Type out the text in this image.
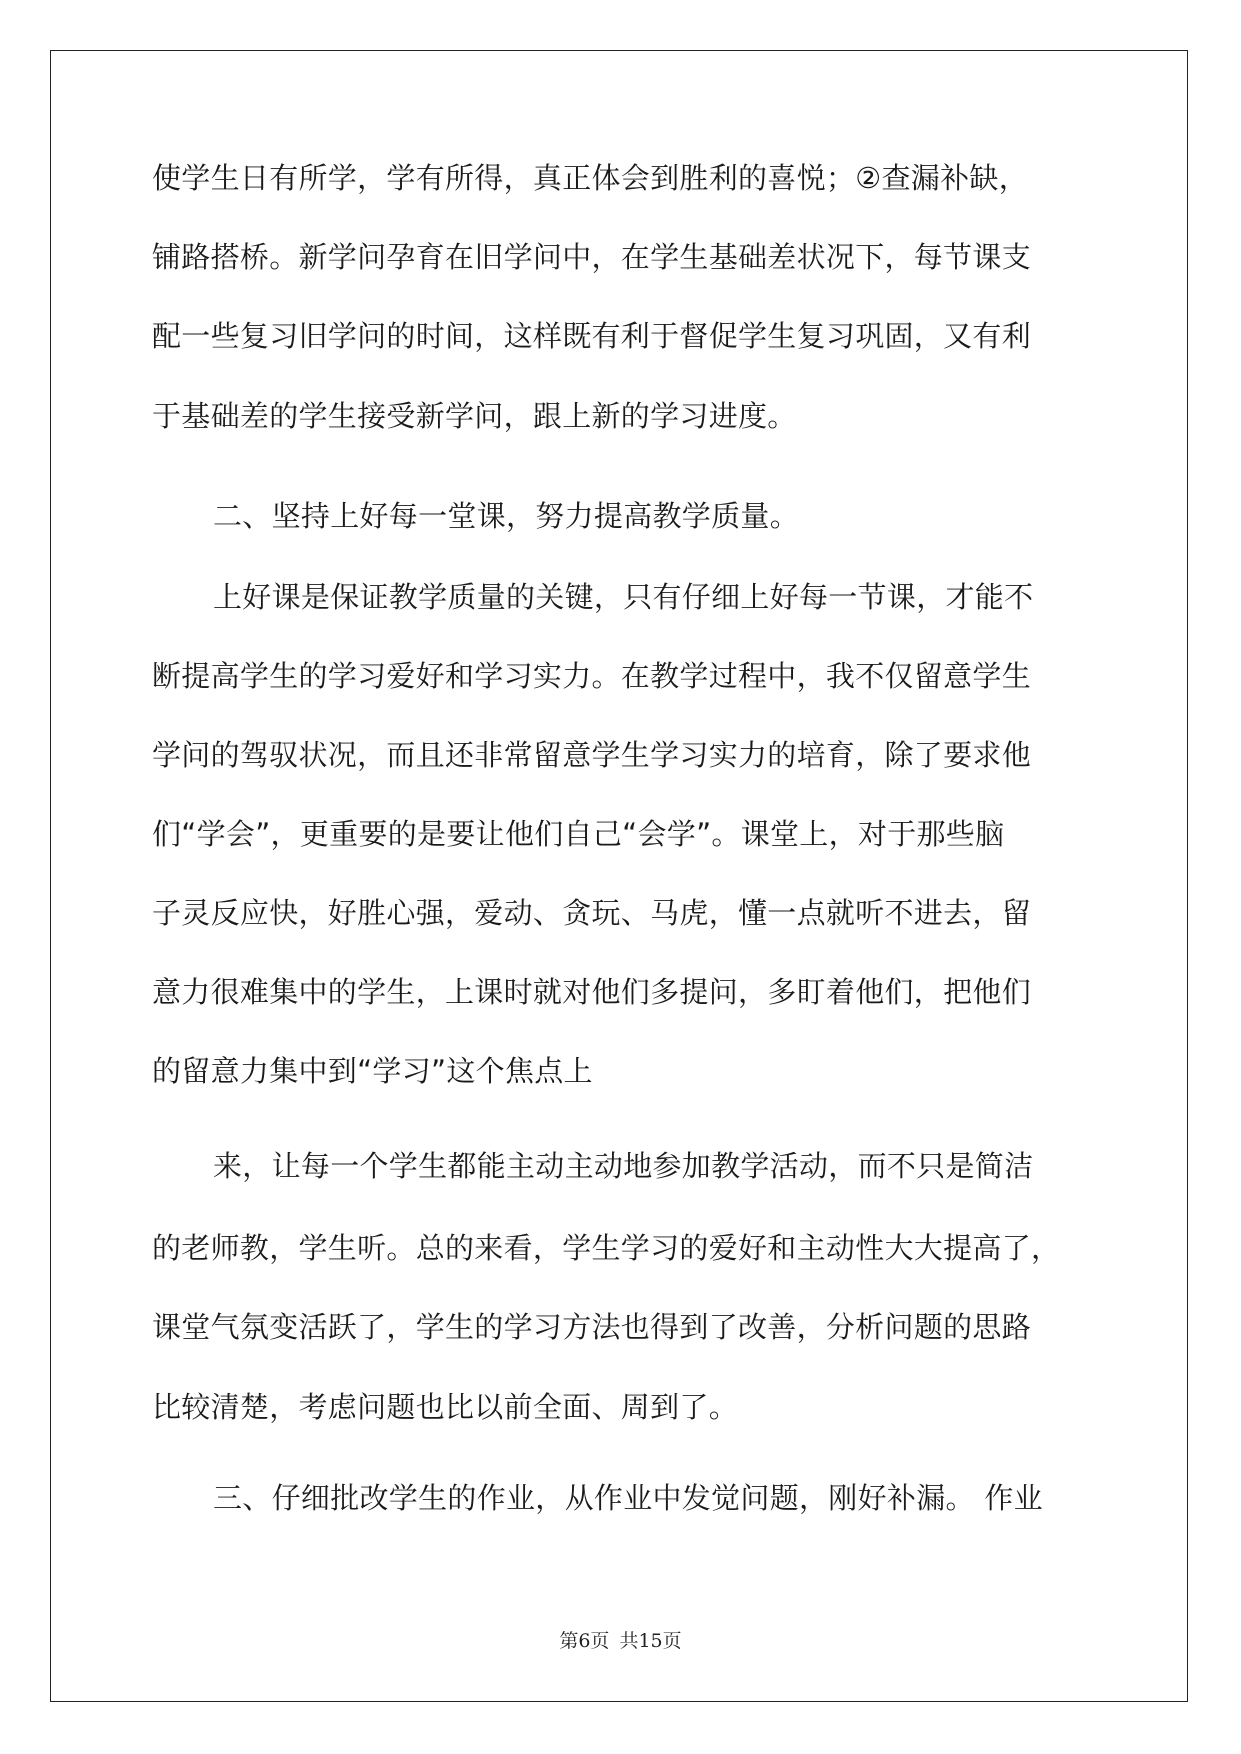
使学生日有所学，学有所得，真正体会到胜利的喜悦；②查漏补缺，
铺路搭桥。新学问孕育在旧学问中，在学生基础差状况下，每节课支
配一些复习旧学问的时间，这样既有利于督促学生复习巩固，又有利
于基础差的学生接受新学问，跟上新的学习进度。
二、坚持上好每一堂课，努力提高教学质量。
上好课是保证教学质量的关键，只有仔细上好每一节课，才能不
断提高学生的学习爱好和学习实力。在教学过程中，我不仅留意学生
学问的驾驭状况，而且还非常留意学生学习实力的培育，除了要求他
们“学会”，更重要的是要让他们自己“会学”。课堂上，对于那些脑
子灵反应快，好胜心强，爱动、贪玩、马虎，懂一点就听不进去，留
意力很难集中的学生，上课时就对他们多提问，多盯着他们，把他们
的留意力集中到“学习”这个焦点上
来，让每一个学生都能主动主动地参加教学活动，而不只是简洁
的老师教，学生听。总的来看，学生学习的爱好和主动性大大提高了，
课堂气氛变活跃了，学生的学习方法也得到了改善，分析问题的思路
比较清楚，考虑问题也比以前全面、周到了。
三、仔细批改学生的作业，从作业中发觉问题，刚好补漏。 作业
第6页 共15页
